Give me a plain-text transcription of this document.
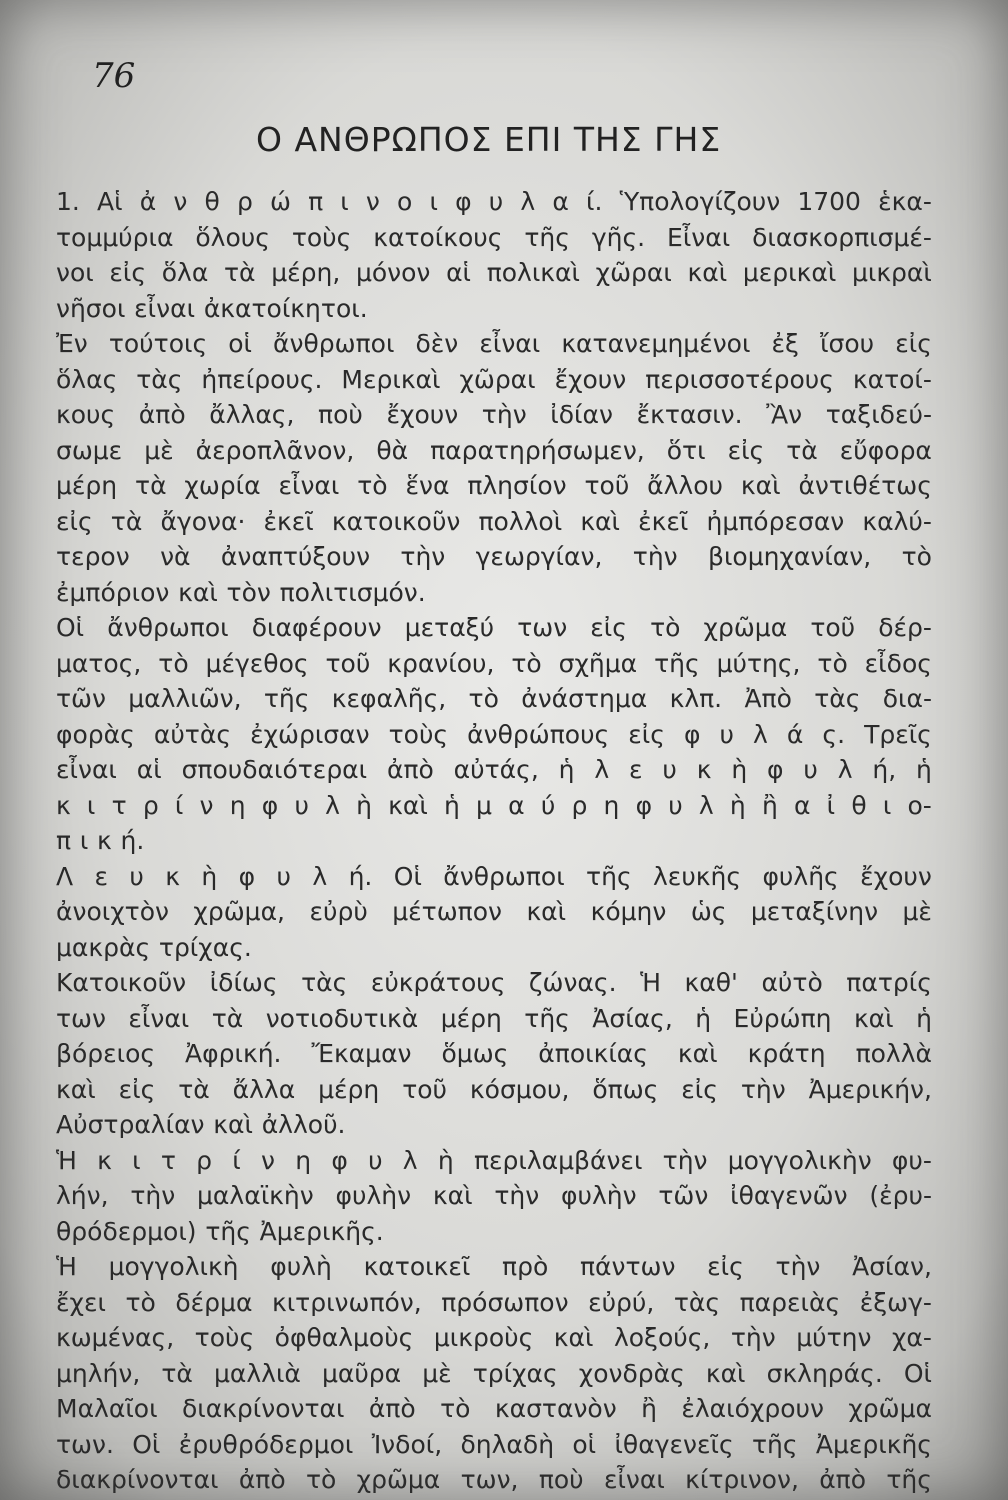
76
Ο ΑΝΘΡΩΠΟΣ ΕΠΙ ΤΗΣ ΓΗΣ
1. Αἱ ἀ ν θ ρ ώ π ι ν ο ι φ υ λ α ί. Ὑπολογίζουν 1700 ἑκα-
τομμύρια ὅλους τοὺς κατοίκους τῆς γῆς. Εἶναι διασκορπισμέ-
νοι εἰς ὅλα τὰ μέρη, μόνον αἱ πολικαὶ χῶραι καὶ μερικαὶ μικραὶ
νῆσοι εἶναι ἀκατοίκητοι.
Ἐν τούτοις οἱ ἄνθρωποι δὲν εἶναι κατανεμημένοι ἐξ ἴσου εἰς
ὅλας τὰς ἠπείρους. Μερικαὶ χῶραι ἔχουν περισσοτέρους κατοί-
κους ἀπὸ ἄλλας, ποὺ ἔχουν τὴν ἰδίαν ἔκτασιν. Ἂν ταξιδεύ-
σωμε μὲ ἀεροπλᾶνον, θὰ παρατηρήσωμεν, ὅτι εἰς τὰ εὔφορα
μέρη τὰ χωρία εἶναι τὸ ἕνα πλησίον τοῦ ἄλλου καὶ ἀντιθέτως
εἰς τὰ ἄγονα· ἐκεῖ κατοικοῦν πολλοὶ καὶ ἐκεῖ ἠμπόρεσαν καλύ-
τερον νὰ ἀναπτύξουν τὴν γεωργίαν, τὴν βιομηχανίαν, τὸ
ἐμπόριον καὶ τὸν πολιτισμόν.
Οἱ ἄνθρωποι διαφέρουν μεταξύ των εἰς τὸ χρῶμα τοῦ δέρ-
ματος, τὸ μέγεθος τοῦ κρανίου, τὸ σχῆμα τῆς μύτης, τὸ εἶδος
τῶν μαλλιῶν, τῆς κεφαλῆς, τὸ ἀνάστημα κλπ. Ἀπὸ τὰς δια-
φορὰς αὐτὰς ἐχώρισαν τοὺς ἀνθρώπους εἰς φ υ λ ά ς. Τρεῖς
εἶναι αἱ σπουδαιότεραι ἀπὸ αὐτάς, ἡ λ ε υ κ ὴ φ υ λ ή, ἡ
κ ι τ ρ ί ν η φ υ λ ὴ καὶ ἡ μ α ύ ρ η φ υ λ ὴ ἢ α ἰ θ ι ο-
π ι κ ή.
Λ ε υ κ ὴ φ υ λ ή. Οἱ ἄνθρωποι τῆς λευκῆς φυλῆς ἔχουν
ἀνοιχτὸν χρῶμα, εὐρὺ μέτωπον καὶ κόμην ὡς μεταξίνην μὲ
μακρὰς τρίχας.
Κατοικοῦν ἰδίως τὰς εὐκράτους ζώνας. Ἡ καθ' αὐτὸ πατρίς
των εἶναι τὰ νοτιοδυτικὰ μέρη τῆς Ἀσίας, ἡ Εὐρώπη καὶ ἡ
βόρειος Ἀφρική. Ἔκαμαν ὅμως ἀποικίας καὶ κράτη πολλὰ
καὶ εἰς τὰ ἄλλα μέρη τοῦ κόσμου, ὅπως εἰς τὴν Ἀμερικήν,
Αὐστραλίαν καὶ ἀλλοῦ.
Ἡ κ ι τ ρ ί ν η φ υ λ ὴ περιλαμβάνει τὴν μογγολικὴν φυ-
λήν, τὴν μαλαϊκὴν φυλὴν καὶ τὴν φυλὴν τῶν ἰθαγενῶν (ἐρυ-
θρόδερμοι) τῆς Ἀμερικῆς.
Ἡ μογγολικὴ φυλὴ κατοικεῖ πρὸ πάντων εἰς τὴν Ἀσίαν,
ἔχει τὸ δέρμα κιτρινωπόν, πρόσωπον εὐρύ, τὰς παρειὰς ἐξωγ-
κωμένας, τοὺς ὀφθαλμοὺς μικροὺς καὶ λοξούς, τὴν μύτην χα-
μηλήν, τὰ μαλλιὰ μαῦρα μὲ τρίχας χονδρὰς καὶ σκληράς. Οἱ
Μαλαῖοι διακρίνονται ἀπὸ τὸ καστανὸν ἢ ἐλαιόχρουν χρῶμα
των. Οἱ ἐρυθρόδερμοι Ἰνδοί, δηλαδὴ οἱ ἰθαγενεῖς τῆς Ἀμερικῆς
διακρίνονται ἀπὸ τὸ χρῶμα των, ποὺ εἶναι κίτρινον, ἀπὸ τῆς
